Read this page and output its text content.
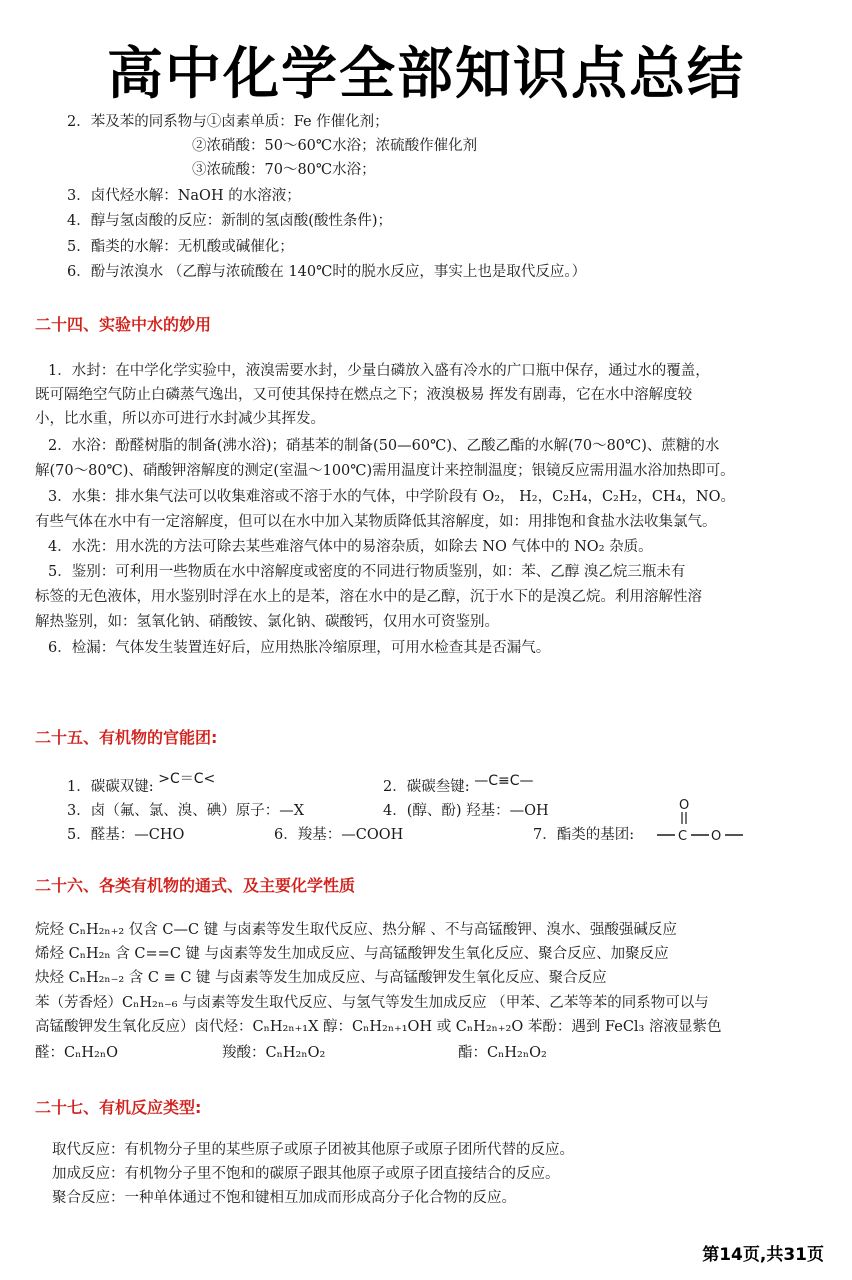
高中化学全部知识点总结
2．苯及苯的同系物与①卤素单质：Fe 作催化剂；
②浓硝酸：50～60℃水浴；浓硫酸作催化剂
③浓硫酸：70～80℃水浴；
3．卤代烃水解：NaOH 的水溶液；
4．醇与氢卤酸的反应：新制的氢卤酸(酸性条件)；
5．酯类的水解：无机酸或碱催化；
6．酚与浓溴水 （乙醇与浓硫酸在 140℃时的脱水反应，事实上也是取代反应。）
二十四、实验中水的妙用
1．水封：在中学化学实验中，液溴需要水封，少量白磷放入盛有冷水的广口瓶中保存，通过水的覆盖，
既可隔绝空气防止白磷蒸气逸出，又可使其保持在燃点之下；液溴极易 挥发有剧毒，它在水中溶解度较
小，比水重，所以亦可进行水封减少其挥发。
2．水浴：酚醛树脂的制备(沸水浴)；硝基苯的制备(50—60℃)、乙酸乙酯的水解(70～80℃)、蔗糖的水
解(70～80℃)、硝酸钾溶解度的测定(室温～100℃)需用温度计来控制温度；银镜反应需用温水浴加热即可。
3．水集：排水集气法可以收集难溶或不溶于水的气体，中学阶段有 O₂， H₂，C₂H₄，C₂H₂，CH₄，NO。
有些气体在水中有一定溶解度，但可以在水中加入某物质降低其溶解度，如：用排饱和食盐水法收集氯气。
4．水洗：用水洗的方法可除去某些难溶气体中的易溶杂质，如除去 NO 气体中的 NO₂ 杂质。
5．鉴别：可利用一些物质在水中溶解度或密度的不同进行物质鉴别，如：苯、乙醇 溴乙烷三瓶未有
标签的无色液体，用水鉴别时浮在水上的是苯，溶在水中的是乙醇，沉于水下的是溴乙烷。利用溶解性溶
解热鉴别，如：氢氧化钠、硝酸铵、氯化钠、碳酸钙，仅用水可资鉴别。
6．检漏：气体发生装置连好后，应用热胀冷缩原理，可用水检查其是否漏气。
二十五、有机物的官能团:
1．碳碳双键: >C＝C<	2．碳碳叁键: —C≡C—
3．卤（氟、氯、溴、碘）原子：—X	4．(醇、酚) 羟基：—OH
5．醛基：—CHO	6．羧基：—COOH	7．酯类的基团:
O
C O
二十六、各类有机物的通式、及主要化学性质
烷烃 CₙH₂ₙ₊₂ 仅含 C—C 键 与卤素等发生取代反应、热分解 、不与高锰酸钾、溴水、强酸强碱反应
烯烃 CₙH₂ₙ 含 C==C 键 与卤素等发生加成反应、与高锰酸钾发生氧化反应、聚合反应、加聚反应
炔烃 CₙH₂ₙ₋₂ 含 C ≡ C 键 与卤素等发生加成反应、与高锰酸钾发生氧化反应、聚合反应
苯（芳香烃）CₙH₂ₙ₋₆ 与卤素等发生取代反应、与氢气等发生加成反应 （甲苯、乙苯等苯的同系物可以与
高锰酸钾发生氧化反应）卤代烃：CₙH₂ₙ₊₁X 醇：CₙH₂ₙ₊₁OH 或 CₙH₂ₙ₊₂O 苯酚：遇到 FeCl₃ 溶液显紫色
醛：CₙH₂ₙO	羧酸：CₙH₂ₙO₂	酯：CₙH₂ₙO₂
二十七、有机反应类型:
取代反应：有机物分子里的某些原子或原子团被其他原子或原子团所代替的反应。
加成反应：有机物分子里不饱和的碳原子跟其他原子或原子团直接结合的反应。
聚合反应：一种单体通过不饱和键相互加成而形成高分子化合物的反应。
第14页,共31页
